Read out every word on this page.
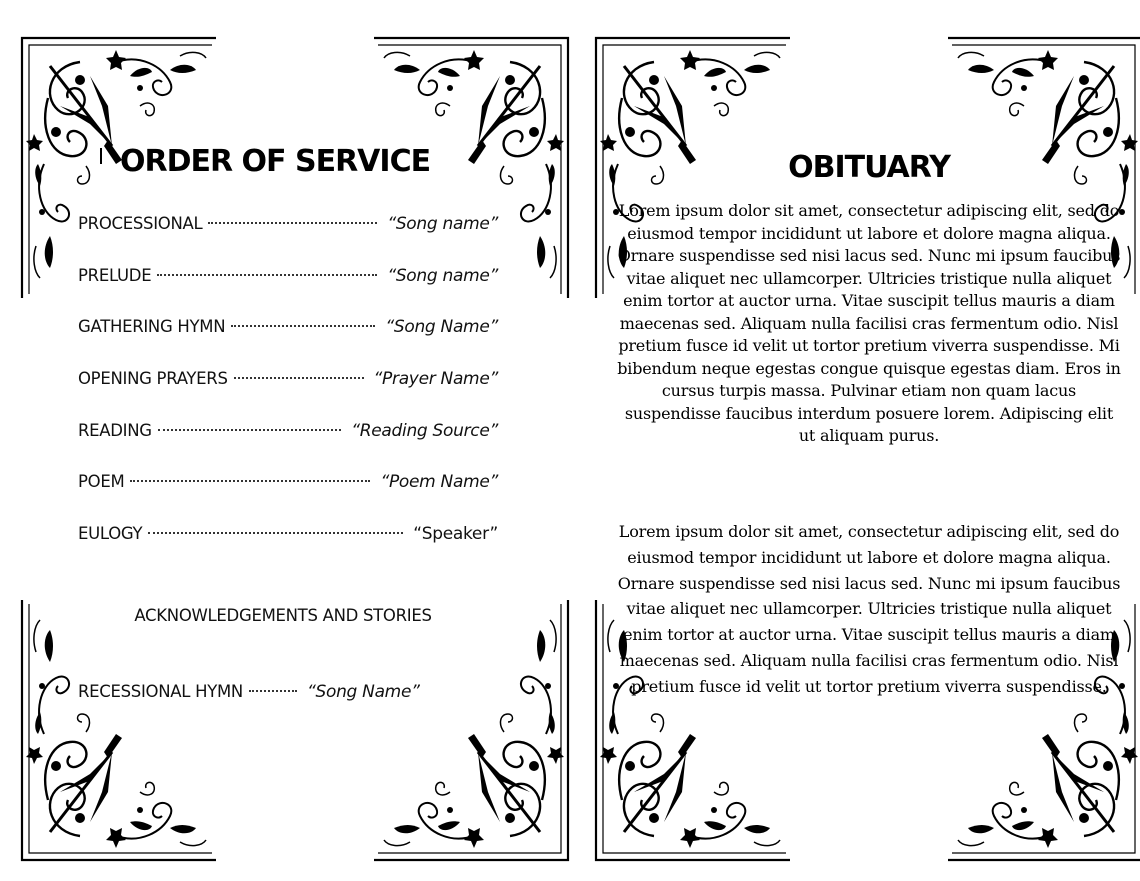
ORDER OF SERVICE
PROCESSIONAL	“Song name”
PRELUDE	“Song name”
GATHERING HYMN	“Song Name”
OPENING PRAYERS	“Prayer Name”
READING	“Reading Source”
POEM	“Poem Name”
EULOGY	“Speaker”

ACKNOWLEDGEMENTS AND STORIES

RECESSIONAL HYMN	“Song Name”
OBITUARY

Lorem ipsum dolor sit amet, consectetur adipiscing elit, sed do eiusmod tempor incididunt ut labore et dolore magna aliqua. Ornare suspendisse sed nisi lacus sed. Nunc mi ipsum faucibus vitae aliquet nec ullamcorper. Ultricies tristique nulla aliquet enim tortor at auctor urna. Vitae suscipit tellus mauris a diam maecenas sed. Aliquam nulla facilisi cras fermentum odio. Nisl pretium fusce id velit ut tortor pretium viverra suspendisse. Mi bibendum neque egestas congue quisque egestas diam. Eros in cursus turpis massa. Pulvinar etiam non quam lacus suspendisse faucibus interdum posuere lorem. Adipiscing elit ut aliquam purus.

Lorem ipsum dolor sit amet, consectetur adipiscing elit, sed do eiusmod tempor incididunt ut labore et dolore magna aliqua. Ornare suspendisse sed nisi lacus sed. Nunc mi ipsum faucibus vitae aliquet nec ullamcorper. Ultricies tristique nulla aliquet enim tortor at auctor urna. Vitae suscipit tellus mauris a diam maecenas sed. Aliquam nulla facilisi cras fermentum odio. Nisl pretium fusce id velit ut tortor pretium viverra suspendisse.
